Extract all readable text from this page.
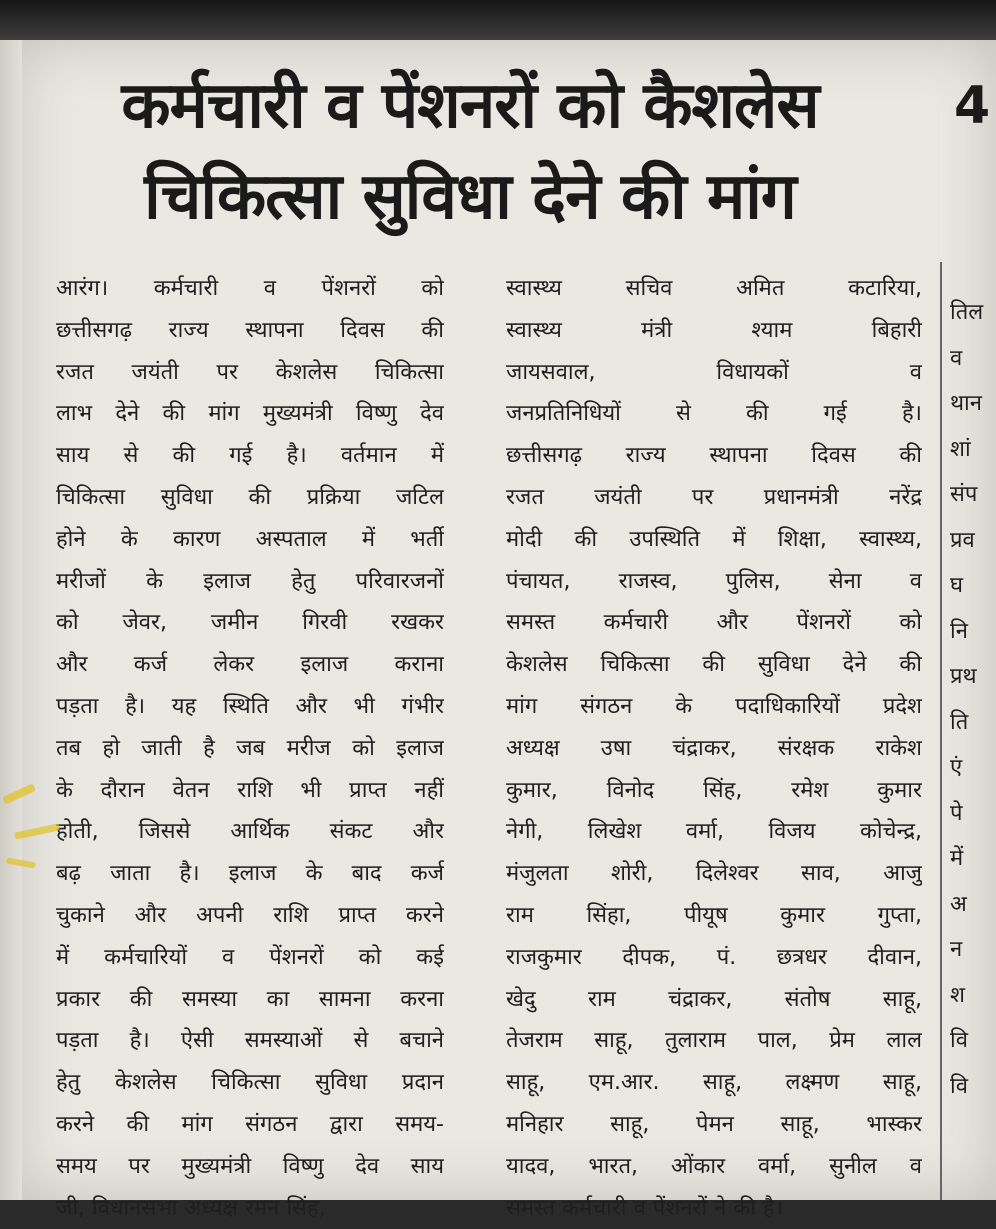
कर्मचारी व पेंशनरों को कैशलेस
चिकित्सा सुविधा देने की मांग
4
आरंग। कर्मचारी व पेंशनरों को
छत्तीसगढ़ राज्य स्थापना दिवस की
रजत जयंती पर केशलेस चिकित्सा
लाभ देने की मांग मुख्यमंत्री विष्णु देव
साय से की गई है। वर्तमान में
चिकित्सा सुविधा की प्रक्रिया जटिल
होने के कारण अस्पताल में भर्ती
मरीजों के इलाज हेतु परिवारजनों
को जेवर, जमीन गिरवी रखकर
और कर्ज लेकर इलाज कराना
पड़ता है। यह स्थिति और भी गंभीर
तब हो जाती है जब मरीज को इलाज
के दौरान वेतन राशि भी प्राप्त नहीं
होती, जिससे आर्थिक संकट और
बढ़ जाता है। इलाज के बाद कर्ज
चुकाने और अपनी राशि प्राप्त करने
में कर्मचारियों व पेंशनरों को कई
प्रकार की समस्या का सामना करना
पड़ता है। ऐसी समस्याओं से बचाने
हेतु केशलेस चिकित्सा सुविधा प्रदान
करने की मांग संगठन द्वारा समय-
समय पर मुख्यमंत्री विष्णु देव साय
जी, विधानसभा अध्यक्ष रमन सिंह,
स्वास्थ्य सचिव अमित कटारिया,
स्वास्थ्य मंत्री श्याम बिहारी
जायसवाल, विधायकों व
जनप्रतिनिधियों से की गई है।
छत्तीसगढ़ राज्य स्थापना दिवस की
रजत जयंती पर प्रधानमंत्री नरेंद्र
मोदी की उपस्थिति में शिक्षा, स्वास्थ्य,
पंचायत, राजस्व, पुलिस, सेना व
समस्त कर्मचारी और पेंशनरों को
केशलेस चिकित्सा की सुविधा देने की
मांग संगठन के पदाधिकारियों प्रदेश
अध्यक्ष उषा चंद्राकर, संरक्षक राकेश
कुमार, विनोद सिंह, रमेश कुमार
नेगी, लिखेश वर्मा, विजय कोचेन्द्र,
मंजुलता शोरी, दिलेश्वर साव, आजु
राम सिंहा, पीयूष कुमार गुप्ता,
राजकुमार दीपक, पं. छत्रधर दीवान,
खेदु राम चंद्राकर, संतोष साहू,
तेजराम साहू, तुलाराम पाल, प्रेम लाल
साहू, एम.आर. साहू, लक्ष्मण साहू,
मनिहार साहू, पेमन साहू, भास्कर
यादव, भारत, ओंकार वर्मा, सुनील व
समस्त कर्मचारी व पेंशनरों ने की है।
तिल
व
थान
शां
संप
प्रव
घ
नि
प्रथ
ति
एं
पे
में
अ
न
श
वि
वि
